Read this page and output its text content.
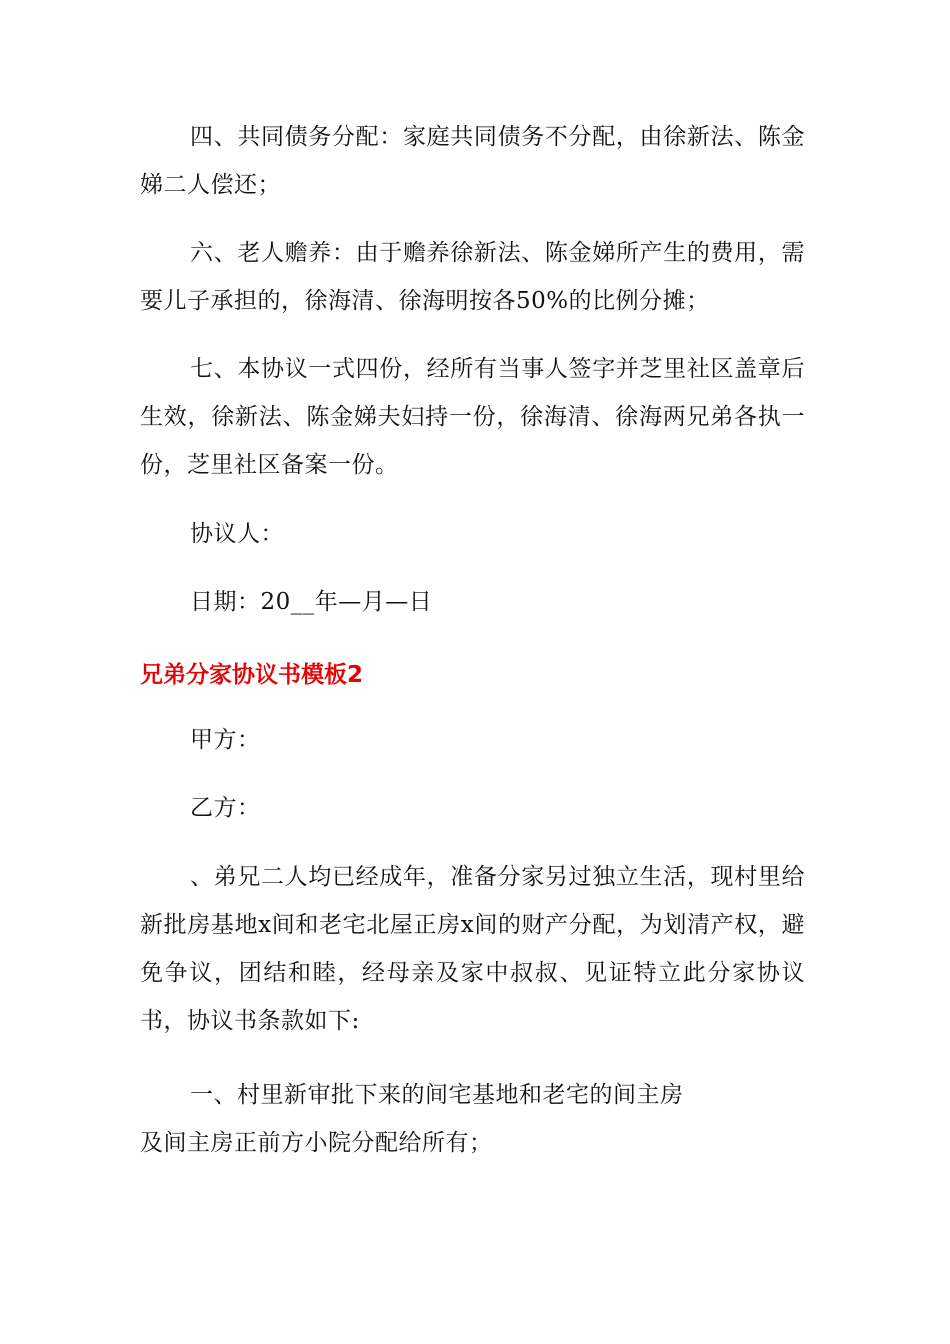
四、共同债务分配：家庭共同债务不分配，由徐新法、陈金娣二人偿还；

六、老人赡养：由于赡养徐新法、陈金娣所产生的费用，需要儿子承担的，徐海清、徐海明按各50%的比例分摊；

七、本协议一式四份，经所有当事人签字并芝里社区盖章后生效，徐新法、陈金娣夫妇持一份，徐海清、徐海两兄弟各执一份，芝里社区备案一份。

协议人：

日期：20__年—月—日

兄弟分家协议书模板2

甲方：

乙方：

、弟兄二人均已经成年，准备分家另过独立生活，现村里给新批房基地x间和老宅北屋正房x间的财产分配，为划清产权，避免争议，团结和睦，经母亲及家中叔叔、见证特立此分家协议书，协议书条款如下:

一、村里新审批下来的间宅基地和老宅的间主房

及间主房正前方小院分配给所有；
